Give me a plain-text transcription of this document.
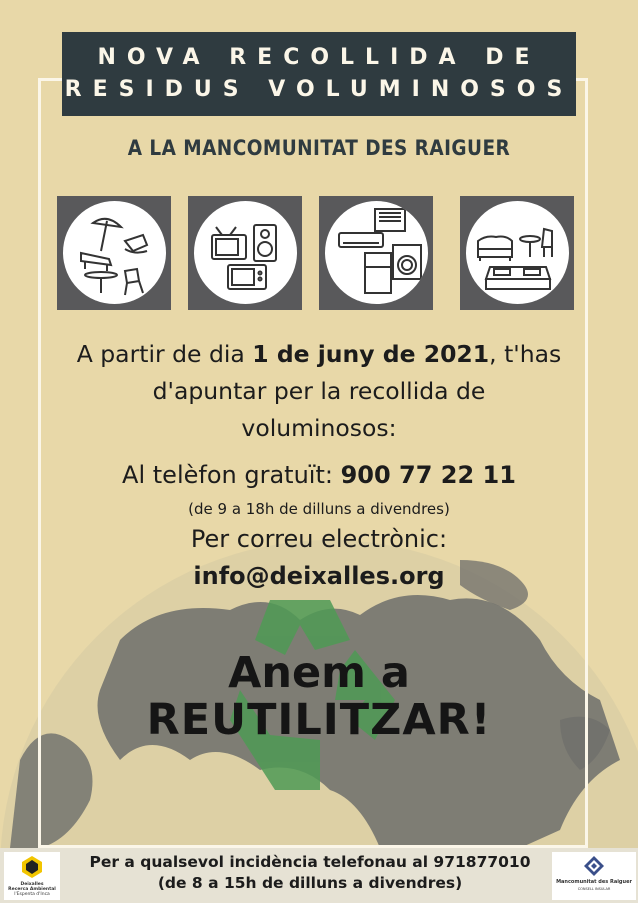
NOVA RECOLLIDA DE
RESIDUS VOLUMINOSOS
A LA MANCOMUNITAT DES RAIGUER
A partir de dia 1 de juny de 2021, t'has
d'apuntar per la recollida de
voluminosos:
Al telèfon gratuït: 900 77 22 11
(de 9 a 18h de dilluns a divendres)
Per correu electrònic:
info@deixalles.org
Anem a
REUTILITZAR!
Deixalles
Recerca Ambiental
l'Espenta d'Inca
Per a qualsevol incidència telefonau al 971877010
(de 8 a 15h de dilluns a divendres)	Mancomunitat des Raiguer
CONSELL INSULAR
